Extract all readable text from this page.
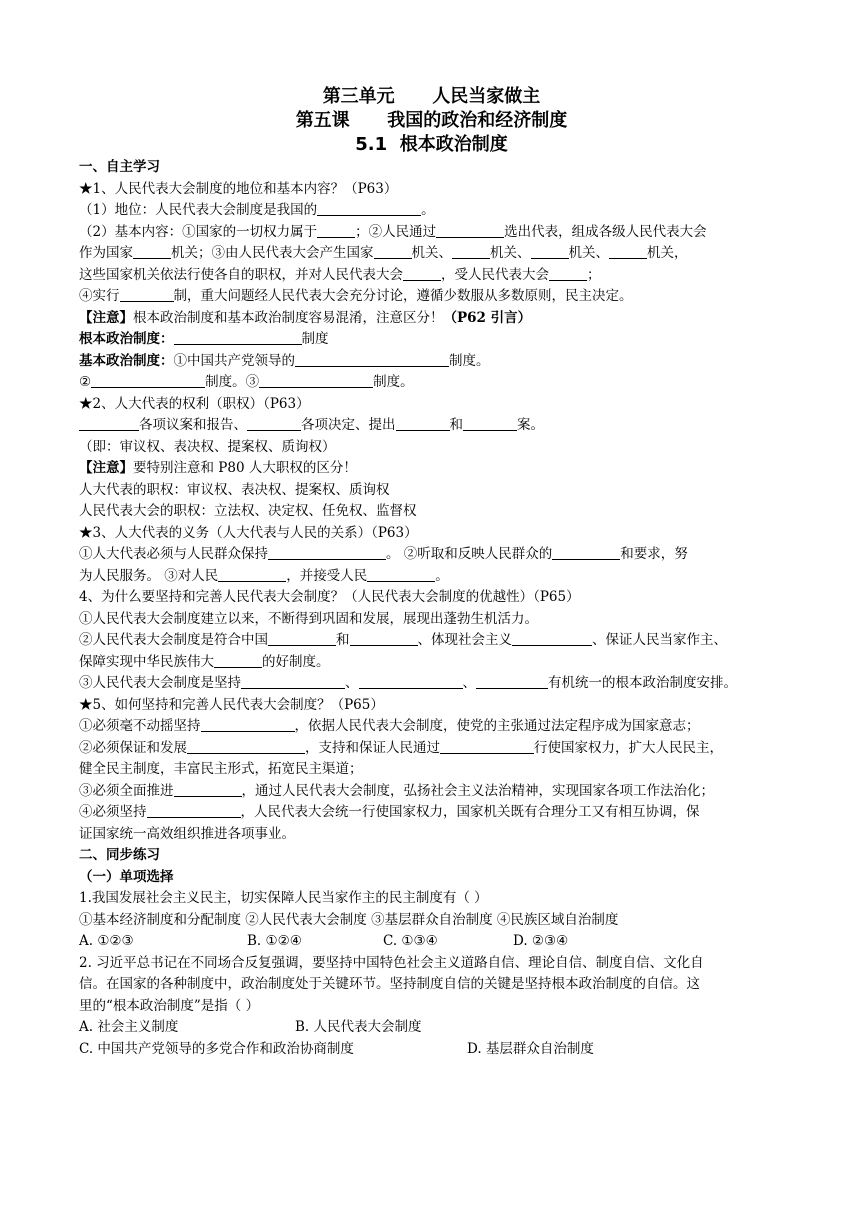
第三单元      人民当家做主
第五课      我国的政治和经济制度
5.1  根本政治制度
一、自主学习
★1、人民代表大会制度的地位和基本内容？（P63）
（1）地位：人民代表大会制度是我国的	。
（2）基本内容：①国家的一切权力属于	；②人民通过	选出代表，组成各级人民代表大会
作为国家	机关；③由人民代表大会产生国家	机关、	机关、	机关、	机关，
这些国家机关依法行使各自的职权，并对人民代表大会	，受人民代表大会	；
④实行	制，重大问题经人民代表大会充分讨论，遵循少数服从多数原则，民主决定。
【注意】根本政治制度和基本政治制度容易混淆，注意区分！（P62 引言）
根本政治制度：	制度
基本政治制度：①中国共产党领导的	制度。
②	制度。③	制度。
★2、人大代表的权利（职权）（P63）
各项议案和报告、	各项决定、提出	和	案。
（即：审议权、表决权、提案权、质询权）
【注意】要特别注意和 P80 人大职权的区分！
人大代表的职权：审议权、表决权、提案权、质询权
人民代表大会的职权：立法权、决定权、任免权、监督权
★3、人大代表的义务（人大代表与人民的关系）（P63）
①人大代表必须与人民群众保持	。 ②听取和反映人民群众的	和要求，努
为人民服务。 ③对人民	，并接受人民	。
4、为什么要坚持和完善人民代表大会制度？（人民代表大会制度的优越性）（P65）
①人民代表大会制度建立以来，不断得到巩固和发展，展现出蓬勃生机活力。
②人民代表大会制度是符合中国	和	、体现社会主义	、保证人民当家作主、
保障实现中华民族伟大	的好制度。
③人民代表大会制度是坚持	、	、	有机统一的根本政治制度安排。
★5、如何坚持和完善人民代表大会制度？（P65）
①必须毫不动摇坚持	，依据人民代表大会制度，使党的主张通过法定程序成为国家意志；
②必须保证和发展	，支持和保证人民通过	行使国家权力，扩大人民民主，
健全民主制度，丰富民主形式，拓宽民主渠道；
③必须全面推进	，通过人民代表大会制度，弘扬社会主义法治精神，实现国家各项工作法治化；
④必须坚持	，人民代表大会统一行使国家权力，国家机关既有合理分工又有相互协调，保
证国家统一高效组织推进各项事业。
二、同步练习
（一）单项选择
1.我国发展社会主义民主，切实保障人民当家作主的民主制度有（ ）
①基本经济制度和分配制度 ②人民代表大会制度 ③基层群众自治制度 ④民族区域自治制度
A. ①②③	B. ①②④	C. ①③④	D. ②③④
2. 习近平总书记在不同场合反复强调，要坚持中国特色社会主义道路自信、理论自信、制度自信、文化自
信。在国家的各种制度中，政治制度处于关键环节。坚持制度自信的关键是坚持根本政治制度的自信。这
里的“根本政治制度”是指（ ）
A. 社会主义制度	B. 人民代表大会制度
C. 中国共产党领导的多党合作和政治协商制度	D. 基层群众自治制度
